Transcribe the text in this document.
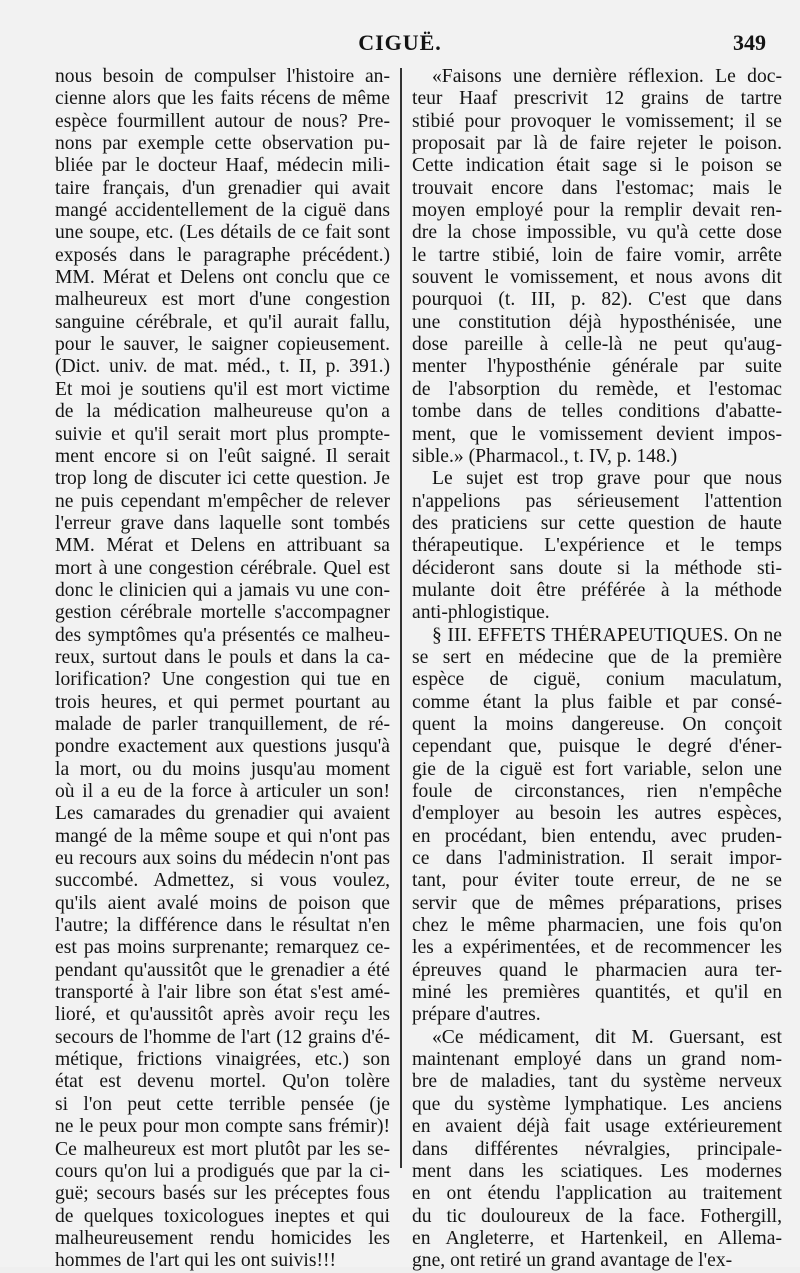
CIGUË.	349
nous besoin de compulser l'histoire an-
cienne alors que les faits récens de même
espèce fourmillent autour de nous? Pre-
nons par exemple cette observation pu-
bliée par le docteur Haaf, médecin mili-
taire français, d'un grenadier qui avait
mangé accidentellement de la ciguë dans
une soupe, etc. (Les détails de ce fait sont
exposés dans le paragraphe précédent.)
MM. Mérat et Delens ont conclu que ce
malheureux est mort d'une congestion
sanguine cérébrale, et qu'il aurait fallu,
pour le sauver, le saigner copieusement.
(Dict. univ. de mat. méd., t. II, p. 391.)
Et moi je soutiens qu'il est mort victime
de la médication malheureuse qu'on a
suivie et qu'il serait mort plus prompte-
ment encore si on l'eût saigné. Il serait
trop long de discuter ici cette question. Je
ne puis cependant m'empêcher de relever
l'erreur grave dans laquelle sont tombés
MM. Mérat et Delens en attribuant sa
mort à une congestion cérébrale. Quel est
donc le clinicien qui a jamais vu une con-
gestion cérébrale mortelle s'accompagner
des symptômes qu'a présentés ce malheu-
reux, surtout dans le pouls et dans la ca-
lorification? Une congestion qui tue en
trois heures, et qui permet pourtant au
malade de parler tranquillement, de ré-
pondre exactement aux questions jusqu'à
la mort, ou du moins jusqu'au moment
où il a eu de la force à articuler un son!
Les camarades du grenadier qui avaient
mangé de la même soupe et qui n'ont pas
eu recours aux soins du médecin n'ont pas
succombé. Admettez, si vous voulez,
qu'ils aient avalé moins de poison que
l'autre; la différence dans le résultat n'en
est pas moins surprenante; remarquez ce-
pendant qu'aussitôt que le grenadier a été
transporté à l'air libre son état s'est amé-
lioré, et qu'aussitôt après avoir reçu les
secours de l'homme de l'art (12 grains d'é-
métique, frictions vinaigrées, etc.) son
état est devenu mortel. Qu'on tolère
si l'on peut cette terrible pensée (je
ne le peux pour mon compte sans frémir)!
Ce malheureux est mort plutôt par les se-
cours qu'on lui a prodigués que par la ci-
guë; secours basés sur les préceptes fous
de quelques toxicologues ineptes et qui
malheureusement rendu homicides les
hommes de l'art qui les ont suivis!!!
«Faisons une dernière réflexion. Le doc-
teur Haaf prescrivit 12 grains de tartre
stibié pour provoquer le vomissement; il se
proposait par là de faire rejeter le poison.
Cette indication était sage si le poison se
trouvait encore dans l'estomac; mais le
moyen employé pour la remplir devait ren-
dre la chose impossible, vu qu'à cette dose
le tartre stibié, loin de faire vomir, arrête
souvent le vomissement, et nous avons dit
pourquoi (t. III, p. 82). C'est que dans
une constitution déjà hyposthénisée, une
dose pareille à celle-là ne peut qu'aug-
menter l'hyposthénie générale par suite
de l'absorption du remède, et l'estomac
tombe dans de telles conditions d'abatte-
ment, que le vomissement devient impos-
sible.» (Pharmacol., t. IV, p. 148.)
Le sujet est trop grave pour que nous
n'appelions pas sérieusement l'attention
des praticiens sur cette question de haute
thérapeutique. L'expérience et le temps
décideront sans doute si la méthode sti-
mulante doit être préférée à la méthode
anti-phlogistique.
§ III. EFFETS THÉRAPEUTIQUES. On ne
se sert en médecine que de la première
espèce de ciguë, conium maculatum,
comme étant la plus faible et par consé-
quent la moins dangereuse. On conçoit
cependant que, puisque le degré d'éner-
gie de la ciguë est fort variable, selon une
foule de circonstances, rien n'empêche
d'employer au besoin les autres espèces,
en procédant, bien entendu, avec pruden-
ce dans l'administration. Il serait impor-
tant, pour éviter toute erreur, de ne se
servir que de mêmes préparations, prises
chez le même pharmacien, une fois qu'on
les a expérimentées, et de recommencer les
épreuves quand le pharmacien aura ter-
miné les premières quantités, et qu'il en
prépare d'autres.
«Ce médicament, dit M. Guersant, est
maintenant employé dans un grand nom-
bre de maladies, tant du système nerveux
que du système lymphatique. Les anciens
en avaient déjà fait usage extérieurement
dans différentes névralgies, principale-
ment dans les sciatiques. Les modernes
en ont étendu l'application au traitement
du tic douloureux de la face. Fothergill,
en Angleterre, et Hartenkeil, en Allema-
gne, ont retiré un grand avantage de l'ex-
